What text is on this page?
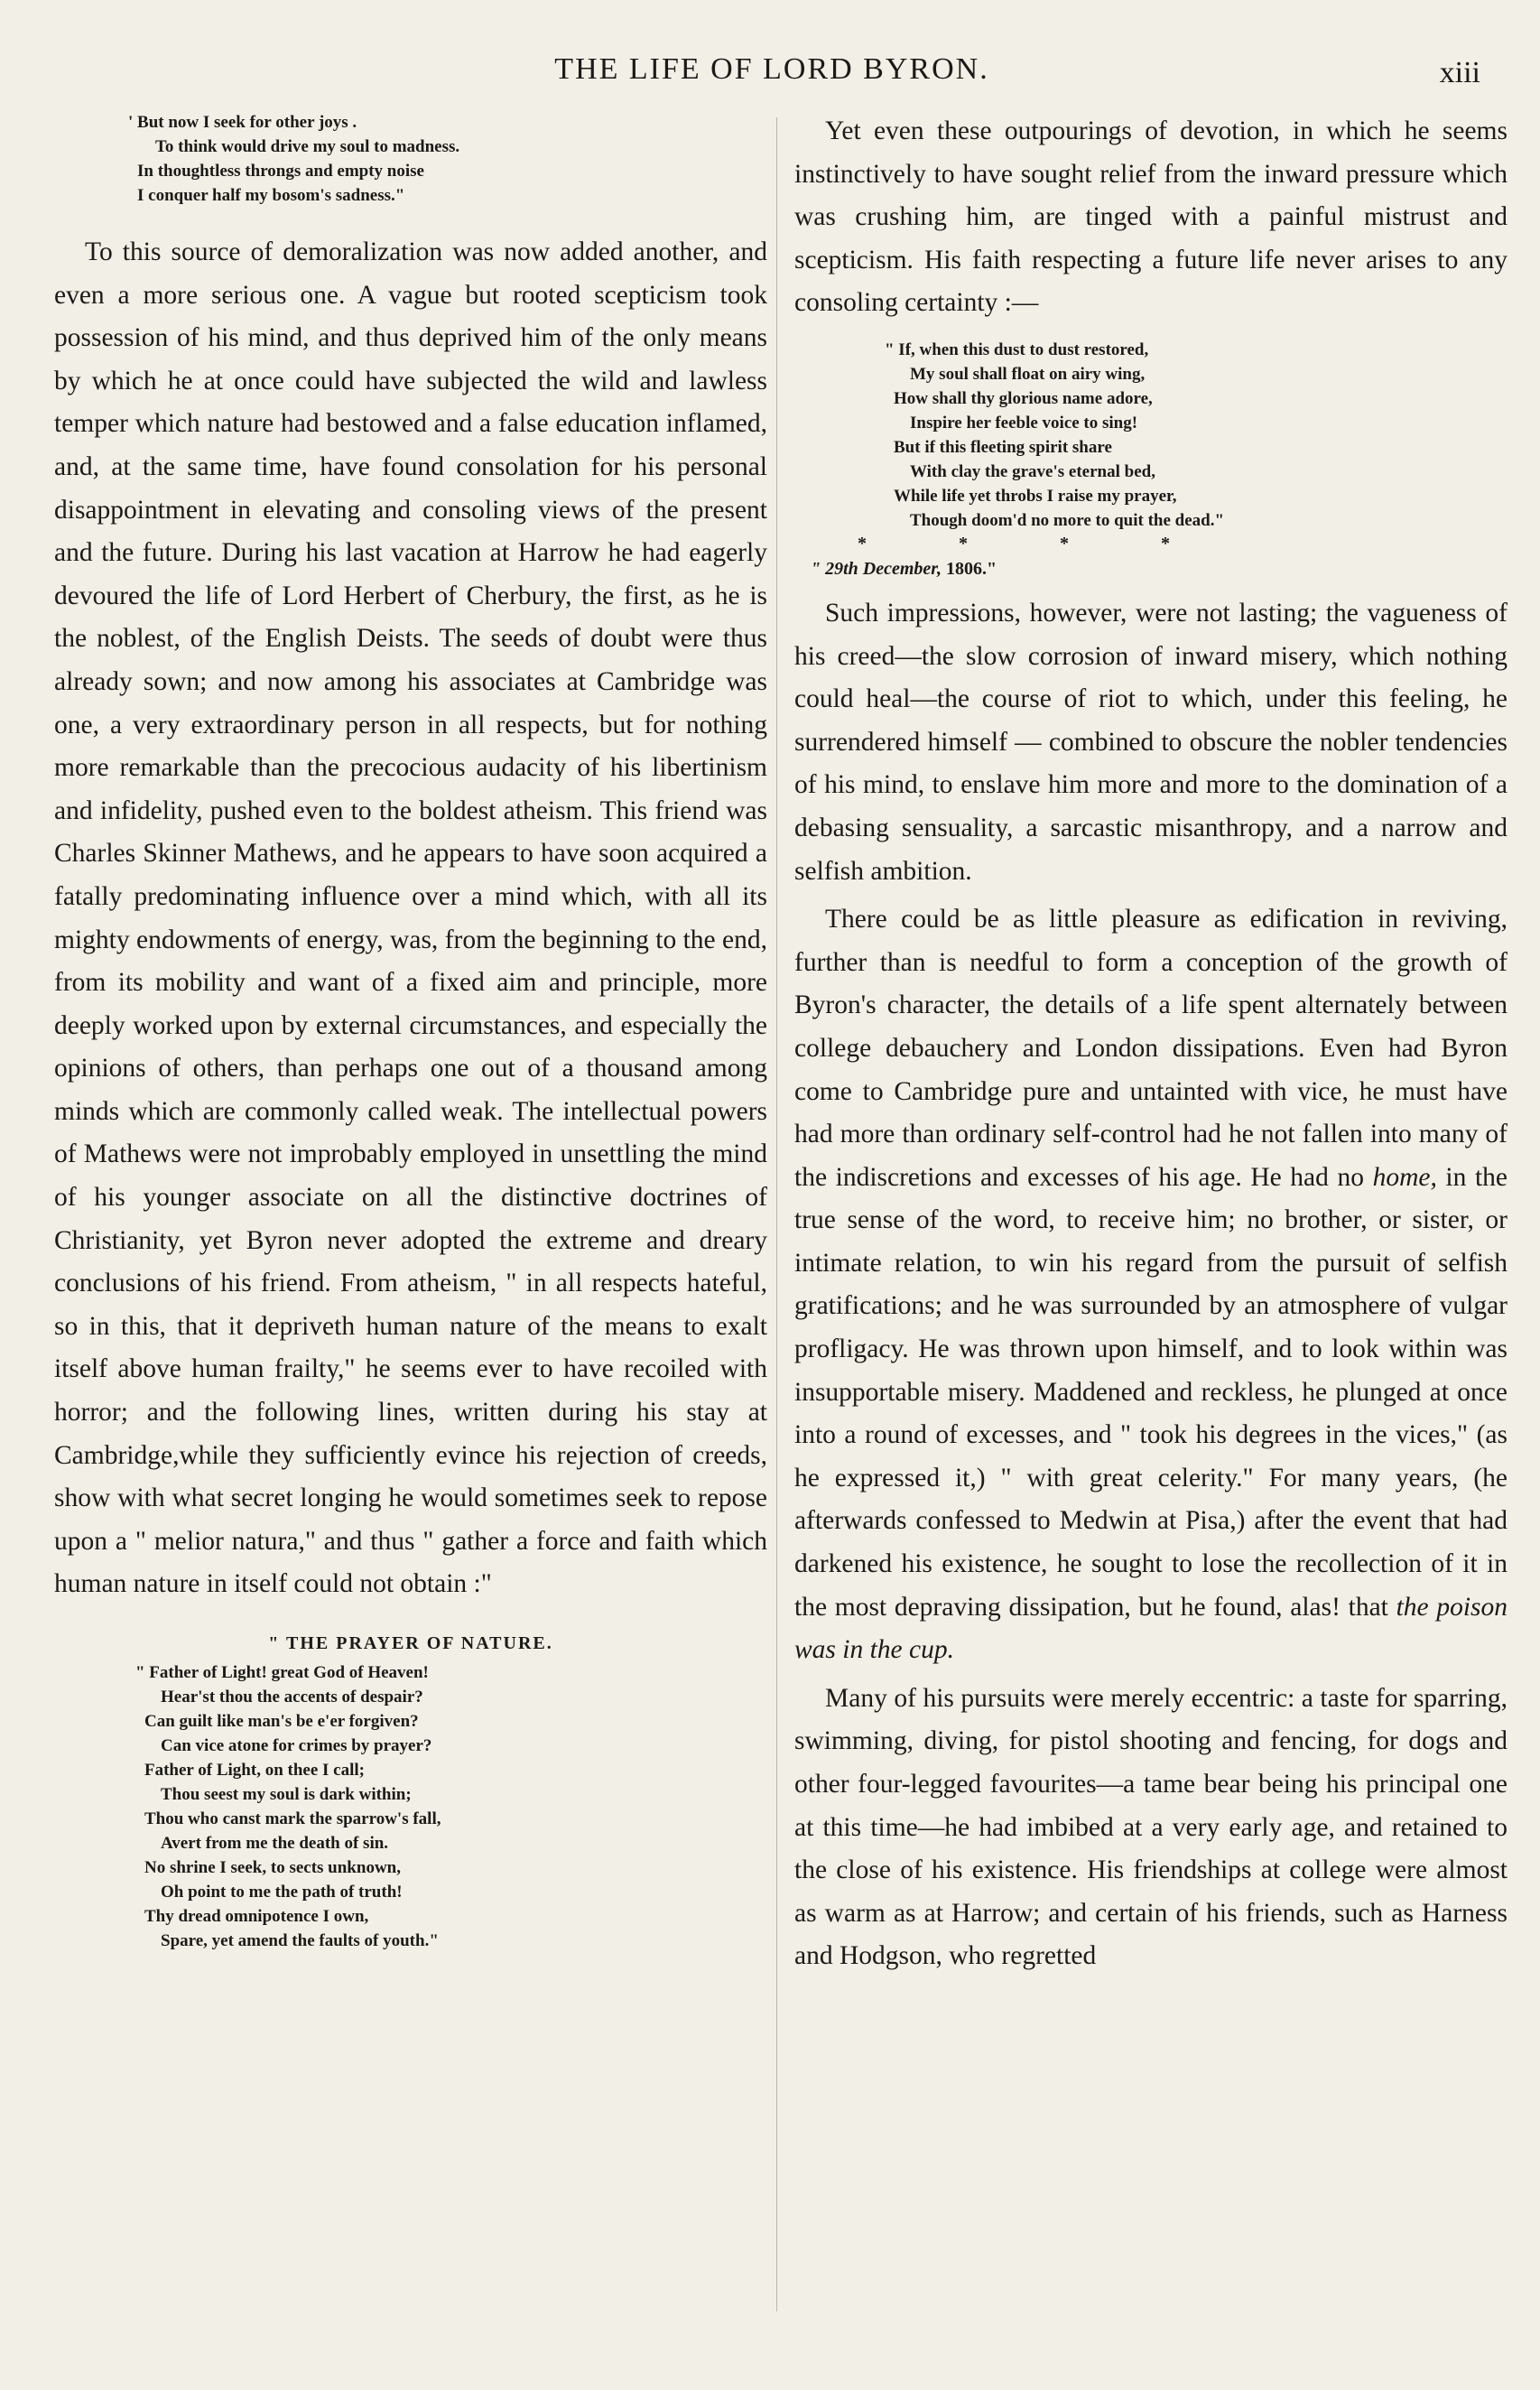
THE LIFE OF LORD BYRON.	xiii
' But now I seek for other joys .
To think would drive my soul to madness.
In thoughtless throngs and empty noise
I conquer half my bosom's sadness."

To this source of demoralization was now added another, and even a more serious one. A vague but rooted scepticism took possession of his mind, and thus deprived him of the only means by which he at once could have subjected the wild and lawless temper which nature had bestowed and a false education inflamed, and, at the same time, have found consolation for his personal disappointment in elevating and consoling views of the present and the future. During his last vacation at Harrow he had eagerly devoured the life of Lord Herbert of Cherbury, the first, as he is the noblest, of the English Deists. The seeds of doubt were thus already sown; and now among his associates at Cambridge was one, a very extraordinary person in all respects, but for nothing more remarkable than the precocious audacity of his libertinism and infidelity, pushed even to the boldest atheism. This friend was Charles Skinner Mathews, and he appears to have soon acquired a fatally predominating influence over a mind which, with all its mighty endowments of energy, was, from the beginning to the end, from its mobility and want of a fixed aim and principle, more deeply worked upon by external circumstances, and especially the opinions of others, than perhaps one out of a thousand among minds which are commonly called weak. The intellectual powers of Mathews were not improbably employed in unsettling the mind of his younger associate on all the distinctive doctrines of Christianity, yet Byron never adopted the extreme and dreary conclusions of his friend. From atheism, " in all respects hateful, so in this, that it depriveth human nature of the means to exalt itself above human frailty," he seems ever to have recoiled with horror; and the following lines, written during his stay at Cambridge,while they sufficiently evince his rejection of creeds, show with what secret longing he would sometimes seek to repose upon a " melior natura," and thus " gather a force and faith which human nature in itself could not obtain :"

" THE PRAYER OF NATURE.

" Father of Light! great God of Heaven!
Hear'st thou the accents of despair?
Can guilt like man's be e'er forgiven?
Can vice atone for crimes by prayer?
Father of Light, on thee I call;
Thou seest my soul is dark within;
Thou who canst mark the sparrow's fall,
Avert from me the death of sin.
No shrine I seek, to sects unknown,
Oh point to me the path of truth!
Thy dread omnipotence I own,
Spare, yet amend the faults of youth."

Yet even these outpourings of devotion, in which he seems instinctively to have sought relief from the inward pressure which was crushing him, are tinged with a painful mistrust and scepticism. His faith respecting a future life never arises to any consoling certainty :—

" If, when this dust to dust restored,
My soul shall float on airy wing,
How shall thy glorious name adore,
Inspire her feeble voice to sing!
But if this fleeting spirit share
With clay the grave's eternal bed,
While life yet throbs I raise my prayer,
Though doom'd no more to quit the dead."

*	*	*	*

" 29th December, 1806."

Such impressions, however, were not lasting; the vagueness of his creed—the slow corrosion of inward misery, which nothing could heal—the course of riot to which, under this feeling, he surrendered himself — combined to obscure the nobler tendencies of his mind, to enslave him more and more to the domination of a debasing sensuality, a sarcastic misanthropy, and a narrow and selfish ambition.

There could be as little pleasure as edification in reviving, further than is needful to form a conception of the growth of Byron's character, the details of a life spent alternately between college debauchery and London dissipations. Even had Byron come to Cambridge pure and untainted with vice, he must have had more than ordinary self-control had he not fallen into many of the indiscretions and excesses of his age. He had no home, in the true sense of the word, to receive him; no brother, or sister, or intimate relation, to win his regard from the pursuit of selfish gratifications; and he was surrounded by an atmosphere of vulgar profligacy. He was thrown upon himself, and to look within was insupportable misery. Maddened and reckless, he plunged at once into a round of excesses, and " took his degrees in the vices," (as he expressed it,) " with great celerity." For many years, (he afterwards confessed to Medwin at Pisa,) after the event that had darkened his existence, he sought to lose the recollection of it in the most depraving dissipation, but he found, alas! that the poison was in the cup.

Many of his pursuits were merely eccentric: a taste for sparring, swimming, diving, for pistol shooting and fencing, for dogs and other four-legged favourites—a tame bear being his principal one at this time—he had imbibed at a very early age, and retained to the close of his existence. His friendships at college were almost as warm as at Harrow; and certain of his friends, such as Harness and Hodgson, who regretted
